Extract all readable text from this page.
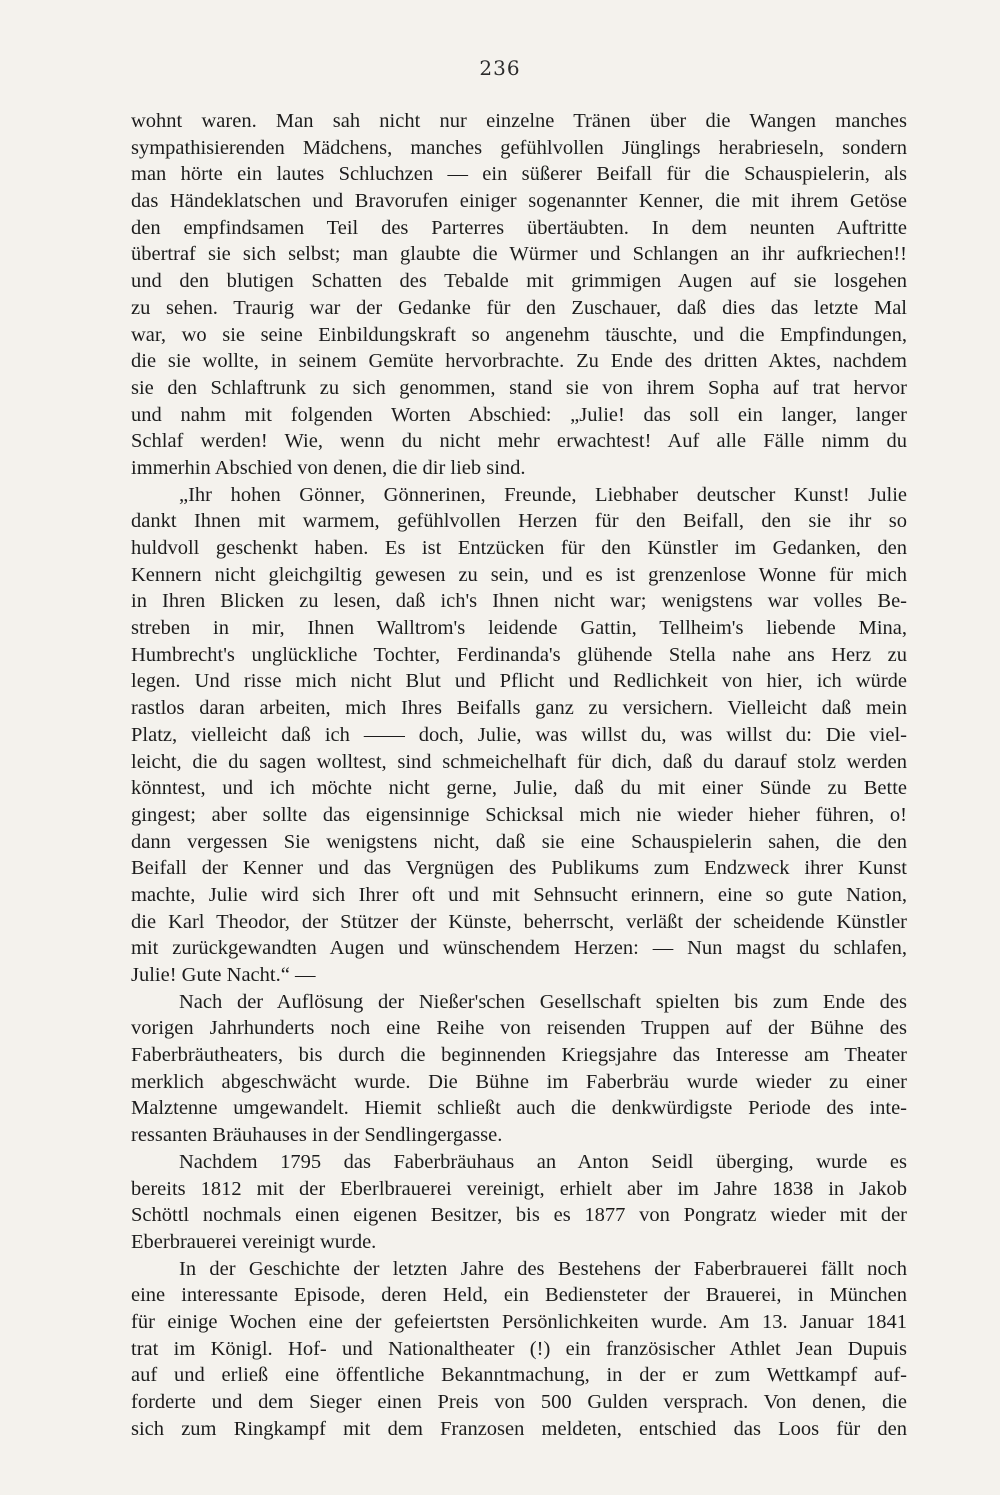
236
wohnt waren. Man sah nicht nur einzelne Tränen über die Wangen manches
sympathisierenden Mädchens, manches gefühlvollen Jünglings herabrieseln, sondern
man hörte ein lautes Schluchzen — ein süßerer Beifall für die Schauspielerin, als
das Händeklatschen und Bravorufen einiger sogenannter Kenner, die mit ihrem Getöse
den empfindsamen Teil des Parterres übertäubten. In dem neunten Auftritte
übertraf sie sich selbst; man glaubte die Würmer und Schlangen an ihr aufkriechen!!
und den blutigen Schatten des Tebalde mit grimmigen Augen auf sie losgehen
zu sehen. Traurig war der Gedanke für den Zuschauer, daß dies das letzte Mal
war, wo sie seine Einbildungskraft so angenehm täuschte, und die Empfindungen,
die sie wollte, in seinem Gemüte hervorbrachte. Zu Ende des dritten Aktes, nachdem
sie den Schlaftrunk zu sich genommen, stand sie von ihrem Sopha auf trat hervor
und nahm mit folgenden Worten Abschied: „Julie! das soll ein langer, langer
Schlaf werden! Wie, wenn du nicht mehr erwachtest! Auf alle Fälle nimm du
immerhin Abschied von denen, die dir lieb sind.
„Ihr hohen Gönner, Gönnerinen, Freunde, Liebhaber deutscher Kunst! Julie
dankt Ihnen mit warmem, gefühlvollen Herzen für den Beifall, den sie ihr so
huldvoll geschenkt haben. Es ist Entzücken für den Künstler im Gedanken, den
Kennern nicht gleichgiltig gewesen zu sein, und es ist grenzenlose Wonne für mich
in Ihren Blicken zu lesen, daß ich's Ihnen nicht war; wenigstens war volles Be-
streben in mir, Ihnen Walltrom's leidende Gattin, Tellheim's liebende Mina,
Humbrecht's unglückliche Tochter, Ferdinanda's glühende Stella nahe ans Herz zu
legen. Und risse mich nicht Blut und Pflicht und Redlichkeit von hier, ich würde
rastlos daran arbeiten, mich Ihres Beifalls ganz zu versichern. Vielleicht daß mein
Platz, vielleicht daß ich —— doch, Julie, was willst du, was willst du: Die viel-
leicht, die du sagen wolltest, sind schmeichelhaft für dich, daß du darauf stolz werden
könntest, und ich möchte nicht gerne, Julie, daß du mit einer Sünde zu Bette
gingest; aber sollte das eigensinnige Schicksal mich nie wieder hieher führen, o!
dann vergessen Sie wenigstens nicht, daß sie eine Schauspielerin sahen, die den
Beifall der Kenner und das Vergnügen des Publikums zum Endzweck ihrer Kunst
machte, Julie wird sich Ihrer oft und mit Sehnsucht erinnern, eine so gute Nation,
die Karl Theodor, der Stützer der Künste, beherrscht, verläßt der scheidende Künstler
mit zurückgewandten Augen und wünschendem Herzen: — Nun magst du schlafen,
Julie! Gute Nacht.“ —
Nach der Auflösung der Nießer'schen Gesellschaft spielten bis zum Ende des
vorigen Jahrhunderts noch eine Reihe von reisenden Truppen auf der Bühne des
Faberbräutheaters, bis durch die beginnenden Kriegsjahre das Interesse am Theater
merklich abgeschwächt wurde. Die Bühne im Faberbräu wurde wieder zu einer
Malztenne umgewandelt. Hiemit schließt auch die denkwürdigste Periode des inte-
ressanten Bräuhauses in der Sendlingergasse.
Nachdem 1795 das Faberbräuhaus an Anton Seidl überging, wurde es
bereits 1812 mit der Eberlbrauerei vereinigt, erhielt aber im Jahre 1838 in Jakob
Schöttl nochmals einen eigenen Besitzer, bis es 1877 von Pongratz wieder mit der
Eberbrauerei vereinigt wurde.
In der Geschichte der letzten Jahre des Bestehens der Faberbrauerei fällt noch
eine interessante Episode, deren Held, ein Bediensteter der Brauerei, in München
für einige Wochen eine der gefeiertsten Persönlichkeiten wurde. Am 13. Januar 1841
trat im Königl. Hof- und Nationaltheater (!) ein französischer Athlet Jean Dupuis
auf und erließ eine öffentliche Bekanntmachung, in der er zum Wettkampf auf-
forderte und dem Sieger einen Preis von 500 Gulden versprach. Von denen, die
sich zum Ringkampf mit dem Franzosen meldeten, entschied das Loos für den
